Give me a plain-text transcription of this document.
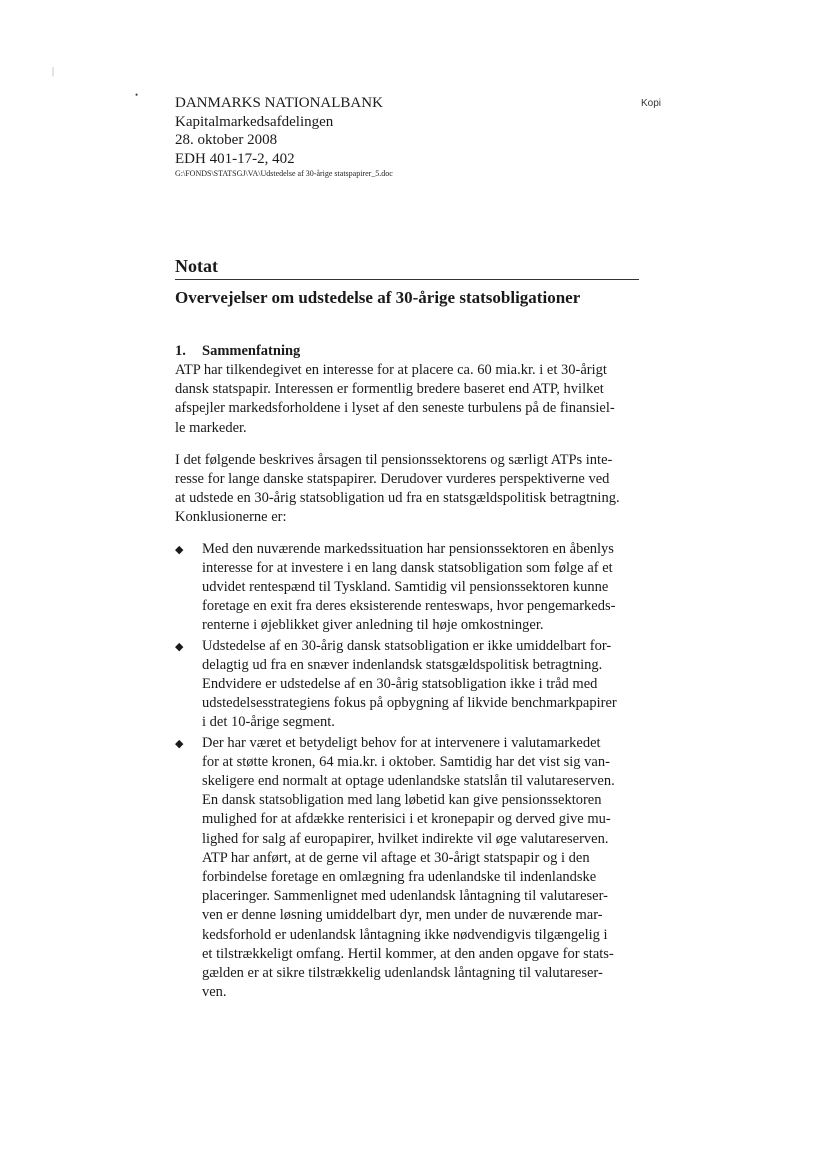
|
•
Kopi
DANMARKS NATIONALBANK
Kapitalmarkedsafdelingen
28. oktober 2008
EDH 401-17-2, 402
G:\FONDS\STATSGJ\VA\Udstedelse af 30-årige statspapirer_5.doc
Notat
Overvejelser om udstedelse af 30-årige statsobligationer
1. Sammenfatning
ATP har tilkendegivet en interesse for at placere ca. 60 mia.kr. i et 30-årigt
dansk statspapir. Interessen er formentlig bredere baseret end ATP, hvilket
afspejler markedsforholdene i lyset af den seneste turbulens på de finansiel-
le markeder.
I det følgende beskrives årsagen til pensionssektorens og særligt ATPs inte-
resse for lange danske statspapirer. Derudover vurderes perspektiverne ved
at udstede en 30-årig statsobligation ud fra en statsgældspolitisk betragtning.
Konklusionerne er:
◆ Med den nuværende markedssituation har pensionssektoren en åbenlys
interesse for at investere i en lang dansk statsobligation som følge af et
udvidet rentespænd til Tyskland. Samtidig vil pensionssektoren kunne
foretage en exit fra deres eksisterende renteswaps, hvor pengemarkeds-
renterne i øjeblikket giver anledning til høje omkostninger.
◆ Udstedelse af en 30-årig dansk statsobligation er ikke umiddelbart for-
delagtig ud fra en snæver indenlandsk statsgældspolitisk betragtning.
Endvidere er udstedelse af en 30-årig statsobligation ikke i tråd med
udstedelsesstrategiens fokus på opbygning af likvide benchmarkpapirer
i det 10-årige segment.
◆ Der har været et betydeligt behov for at intervenere i valutamarkedet
for at støtte kronen, 64 mia.kr. i oktober. Samtidig har det vist sig van-
skeligere end normalt at optage udenlandske statslån til valutareserven.
En dansk statsobligation med lang løbetid kan give pensionssektoren
mulighed for at afdække renterisici i et kronepapir og derved give mu-
lighed for salg af europapirer, hvilket indirekte vil øge valutareserven.
ATP har anført, at de gerne vil aftage et 30-årigt statspapir og i den
forbindelse foretage en omlægning fra udenlandske til indenlandske
placeringer. Sammenlignet med udenlandsk låntagning til valutareser-
ven er denne løsning umiddelbart dyr, men under de nuværende mar-
kedsforhold er udenlandsk låntagning ikke nødvendigvis tilgængelig i
et tilstrækkeligt omfang. Hertil kommer, at den anden opgave for stats-
gælden er at sikre tilstrækkelig udenlandsk låntagning til valutareser-
ven.
